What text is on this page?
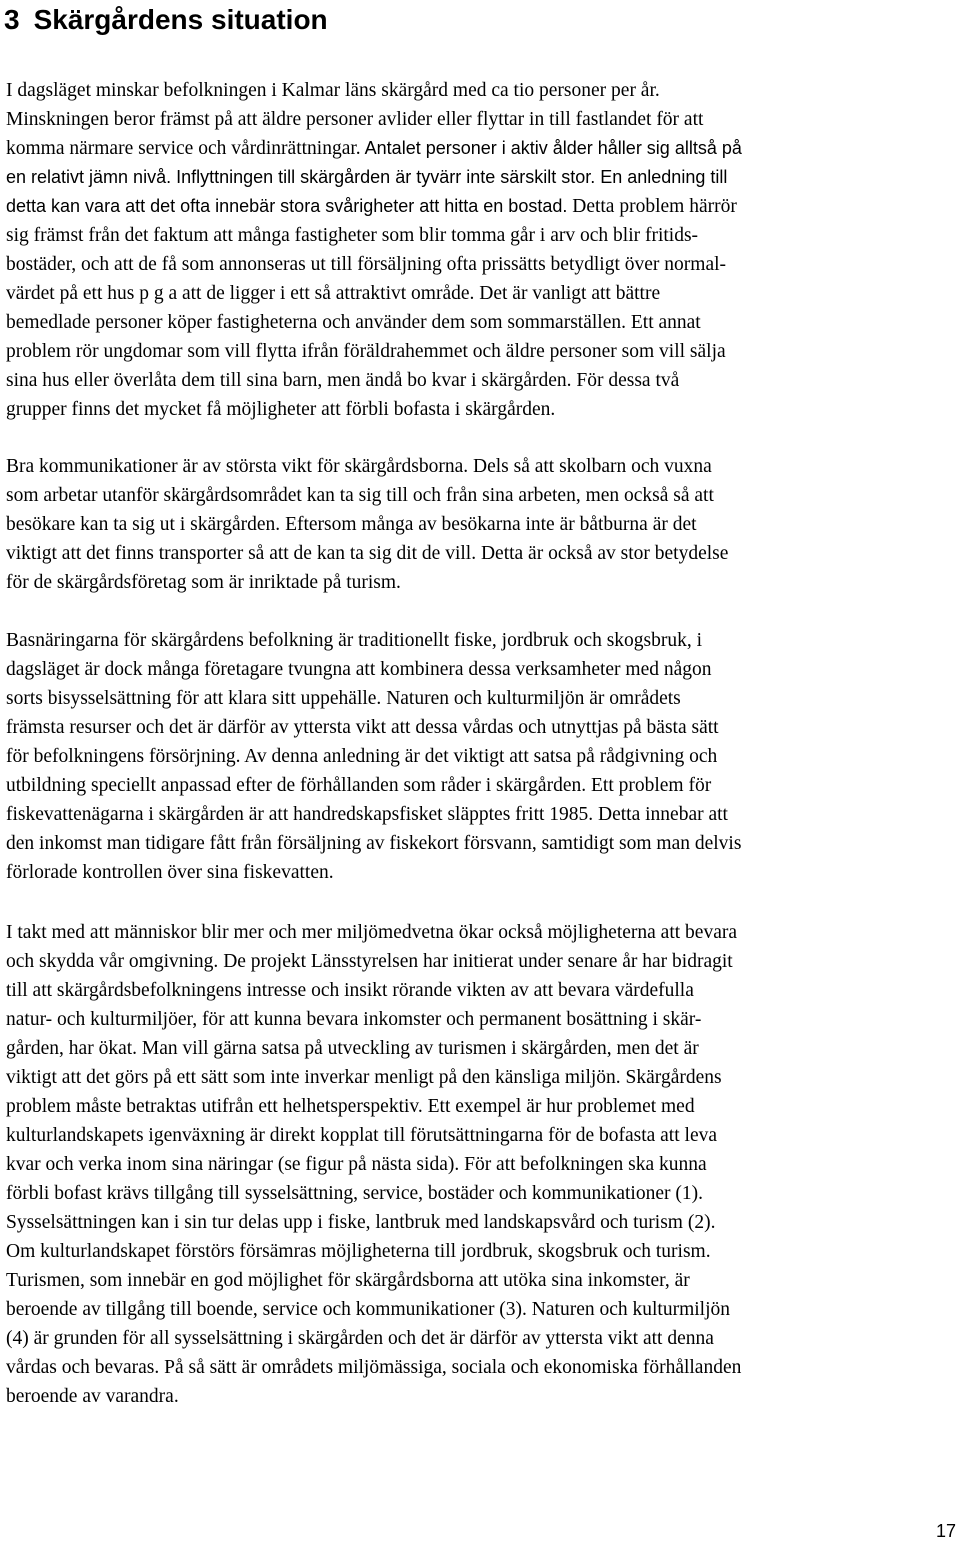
3 Skärgårdens situation
I dagsläget minskar befolkningen i Kalmar läns skärgård med ca tio personer per år.
Minskningen beror främst på att äldre personer avlider eller flyttar in till fastlandet för att
komma närmare service och vårdinrättningar. Antalet personer i aktiv ålder håller sig alltså på
en relativt jämn nivå. Inflyttningen till skärgården är tyvärr inte särskilt stor. En anledning till
detta kan vara att det ofta innebär stora svårigheter att hitta en bostad. Detta problem härrör
sig främst från det faktum att många fastigheter som blir tomma går i arv och blir fritids-
bostäder, och att de få som annonseras ut till försäljning ofta prissätts betydligt över normal-
värdet på ett hus p g a att de ligger i ett så attraktivt område. Det är vanligt att bättre
bemedlade personer köper fastigheterna och använder dem som sommarställen. Ett annat
problem rör ungdomar som vill flytta ifrån föräldrahemmet och äldre personer som vill sälja
sina hus eller överlåta dem till sina barn, men ändå bo kvar i skärgården. För dessa två
grupper finns det mycket få möjligheter att förbli bofasta i skärgården.
Bra kommunikationer är av största vikt för skärgårdsborna. Dels så att skolbarn och vuxna
som arbetar utanför skärgårdsområdet kan ta sig till och från sina arbeten, men också så att
besökare kan ta sig ut i skärgården. Eftersom många av besökarna inte är båtburna är det
viktigt att det finns transporter så att de kan ta sig dit de vill. Detta är också av stor betydelse
för de skärgårdsföretag som är inriktade på turism.
Basnäringarna för skärgårdens befolkning är traditionellt fiske, jordbruk och skogsbruk, i
dagsläget är dock många företagare tvungna att kombinera dessa verksamheter med någon
sorts bisysselsättning för att klara sitt uppehälle. Naturen och kulturmiljön är områdets
främsta resurser och det är därför av yttersta vikt att dessa vårdas och utnyttjas på bästa sätt
för befolkningens försörjning. Av denna anledning är det viktigt att satsa på rådgivning och
utbildning speciellt anpassad efter de förhållanden som råder i skärgården. Ett problem för
fiskevattenägarna i skärgården är att handredskapsfisket släpptes fritt 1985. Detta innebar att
den inkomst man tidigare fått från försäljning av fiskekort försvann, samtidigt som man delvis
förlorade kontrollen över sina fiskevatten.
I takt med att människor blir mer och mer miljömedvetna ökar också möjligheterna att bevara
och skydda vår omgivning. De projekt Länsstyrelsen har initierat under senare år har bidragit
till att skärgårdsbefolkningens intresse och insikt rörande vikten av att bevara värdefulla
natur- och kulturmiljöer, för att kunna bevara inkomster och permanent bosättning i skär-
gården, har ökat. Man vill gärna satsa på utveckling av turismen i skärgården, men det är
viktigt att det görs på ett sätt som inte inverkar menligt på den känsliga miljön. Skärgårdens
problem måste betraktas utifrån ett helhetsperspektiv. Ett exempel är hur problemet med
kulturlandskapets igenväxning är direkt kopplat till förutsättningarna för de bofasta att leva
kvar och verka inom sina näringar (se figur på nästa sida). För att befolkningen ska kunna
förbli bofast krävs tillgång till sysselsättning, service, bostäder och kommunikationer (1).
Sysselsättningen kan i sin tur delas upp i fiske, lantbruk med landskapsvård och turism (2).
Om kulturlandskapet förstörs försämras möjligheterna till jordbruk, skogsbruk och turism.
Turismen, som innebär en god möjlighet för skärgårdsborna att utöka sina inkomster, är
beroende av tillgång till boende, service och kommunikationer (3). Naturen och kulturmiljön
(4) är grunden för all sysselsättning i skärgården och det är därför av yttersta vikt att denna
vårdas och bevaras. På så sätt är områdets miljömässiga, sociala och ekonomiska förhållanden
beroende av varandra.
17
